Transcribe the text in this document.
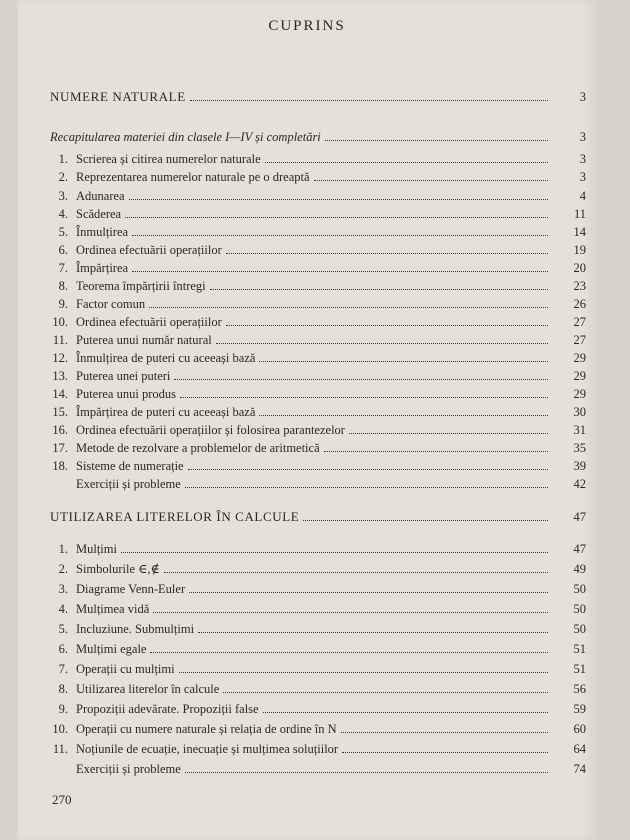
CUPRINS
NUMERE NATURALE	3
Recapitularea materiei din clasele I—IV și completări	3
1. Scrierea și citirea numerelor naturale	3
2. Reprezentarea numerelor naturale pe o dreaptă	3
3. Adunarea	4
4. Scăderea	11
5. Înmulțirea	14
6. Ordinea efectuării operațiilor	19
7. Împărțirea	20
8. Teorema împărțirii întregi	23
9. Factor comun	26
10. Ordinea efectuării operațiilor	27
11. Puterea unui număr natural	27
12. Înmulțirea de puteri cu aceeași bază	29
13. Puterea unei puteri	29
14. Puterea unui produs	29
15. Împărțirea de puteri cu aceeași bază	30
16. Ordinea efectuării operațiilor și folosirea parantezelor	31
17. Metode de rezolvare a problemelor de aritmetică	35
18. Sisteme de numerație	39
Exerciții și probleme	42
UTILIZAREA LITERELOR ÎN CALCULE	47
1. Mulțimi	47
2. Simbolurile ∈,∉	49
3. Diagrame Venn-Euler	50
4. Mulțimea vidă	50
5. Incluziune. Submulțimi	50
6. Mulțimi egale	51
7. Operații cu mulțimi	51
8. Utilizarea literelor în calcule	56
9. Propoziții adevărate. Propoziții false	59
10. Operații cu numere naturale și relația de ordine în N	60
11. Noțiunile de ecuație, inecuație și mulțimea soluțiilor	64
Exerciții și probleme	74
270
